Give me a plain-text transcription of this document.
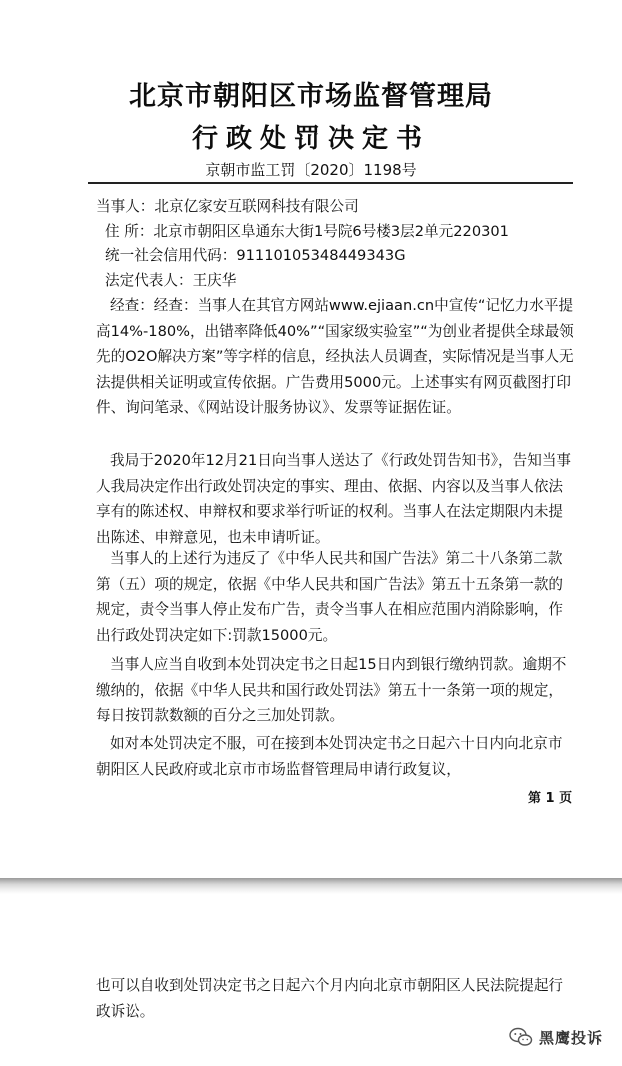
北京市朝阳区市场监督管理局
行政处罚决定书
京朝市监工罚〔2020〕1198号

当事人：北京亿家安互联网科技有限公司

住 所：北京市朝阳区阜通东大街1号院6号楼3层2单元220301

统一社会信用代码：91110105348449343G

法定代表人：王庆华

经查：经查：当事人在其官方网站www.ejiaan.cn中宣传“记忆力水平提高14%-180%，出错率降低40%”“国家级实验室”“为创业者提供全球最领先的O2O解决方案”等字样的信息，经执法人员调查，实际情况是当事人无法提供相关证明或宣传依据。广告费用5000元。上述事实有网页截图打印件、询问笔录、《网站设计服务协议》、发票等证据佐证。

我局于2020年12月21日向当事人送达了《行政处罚告知书》，告知当事人我局决定作出行政处罚决定的事实、理由、依据、内容以及当事人依法享有的陈述权、申辩权和要求举行听证的权利。当事人在法定期限内未提出陈述、申辩意见，也未申请听证。

当事人的上述行为违反了《中华人民共和国广告法》第二十八条第二款第（五）项的规定，依据《中华人民共和国广告法》第五十五条第一款的规定，责令当事人停止发布广告，责令当事人在相应范围内消除影响，作出行政处罚决定如下:罚款15000元。

当事人应当自收到本处罚决定书之日起15日内到银行缴纳罚款。逾期不缴纳的，依据《中华人民共和国行政处罚法》第五十一条第一项的规定，每日按罚款数额的百分之三加处罚款。

如对本处罚决定不服，可在接到本处罚决定书之日起六十日内向北京市朝阳区人民政府或北京市市场监督管理局申请行政复议，

第 1 页

也可以自收到处罚决定书之日起六个月内向北京市朝阳区人民法院提起行政诉讼。

黑鹰投诉
